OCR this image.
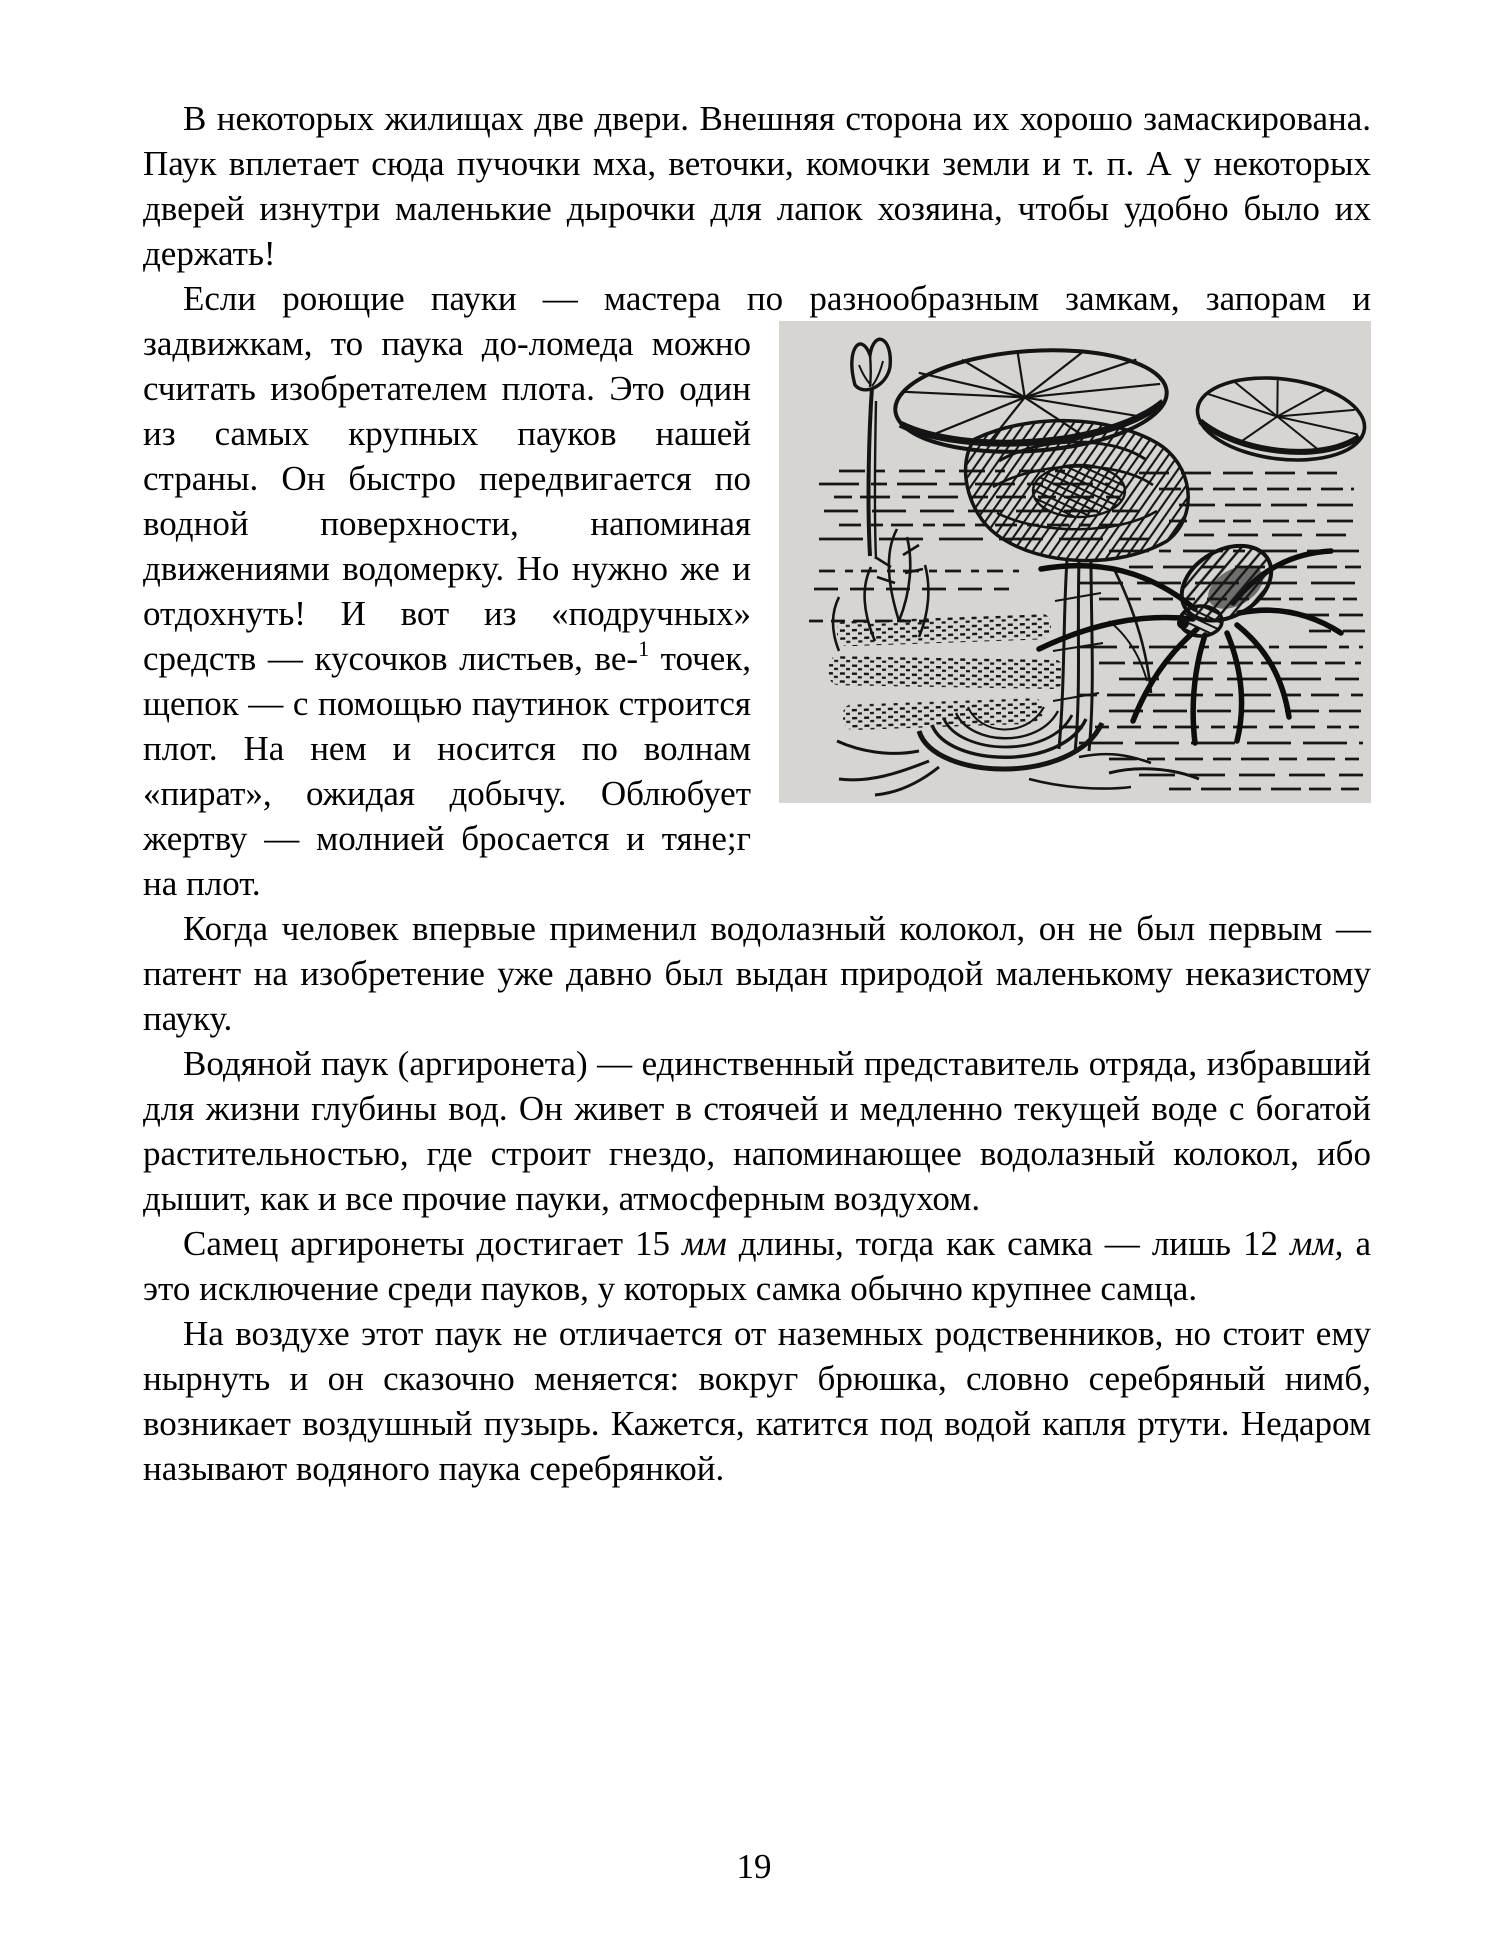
В некоторых жилищах две двери. Внешняя сторона их хорошо замаскирована. Паук вплетает сюда пучочки мха, веточки, комочки земли и т. п. А у некоторых дверей изнутри маленькие дырочки для лапок хозяина, чтобы удобно было их держать!

Если роющие пауки — мастера по разнообразным замкам, запорам и
задвижкам, то паука до-ломеда можно считать изобретателем плота. Это один из самых крупных пауков нашей страны. Он быстро передвигается по водной поверхности, напоминая движениями водомерку. Но нужно же и отдохнуть! И вот из «подручных» средств — кусочков листьев, ве-$^1$ точек, щепок — с помощью паутинок строится плот. На нем и носится по волнам «пират», ожидая добычу. Облюбует жертву — молнией бросается и тяне;г на плот.

Когда человек впервые применил водолазный колокол, он не был первым — патент на изобретение уже давно был выдан природой маленькому неказистому пауку.

Водяной паук (аргиронета) — единственный представитель отряда, избравший для жизни глубины вод. Он живет в стоячей и медленно текущей воде с богатой растительностью, где строит гнездо, напоминающее водолазный колокол, ибо дышит, как и все прочие пауки, атмосферным воздухом.

Самец аргиронеты достигает 15 мм длины, тогда как самка — лишь 12 мм, а это исключение среди пауков, у которых самка обычно крупнее самца.

На воздухе этот паук не отличается от наземных родственников, но стоит ему нырнуть и он сказочно меняется: вокруг брюшка, словно серебряный нимб, возникает воздушный пузырь. Кажется, катится под водой капля ртути. Недаром называют водяного паука серебрянкой.

19
